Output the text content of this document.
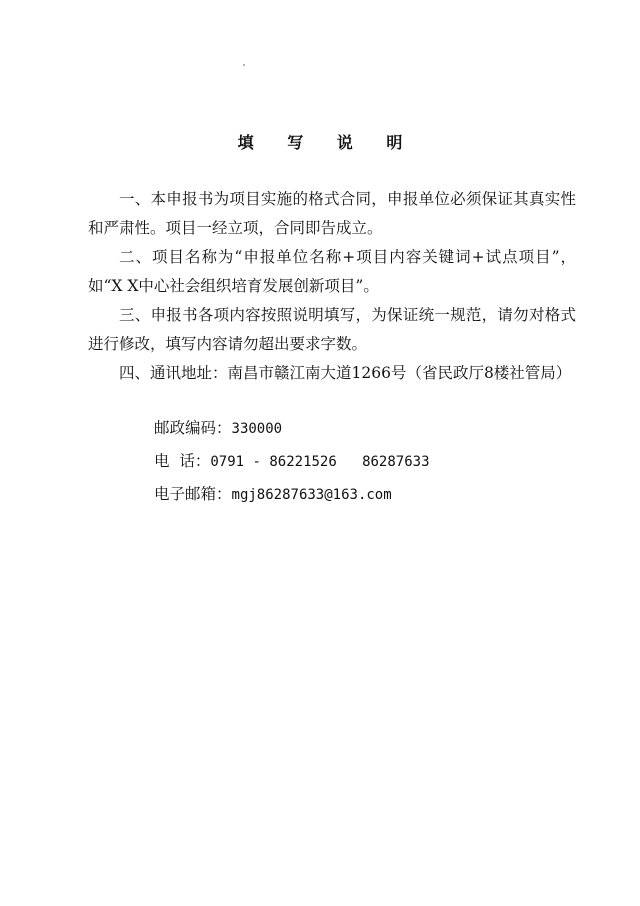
填 写 说 明

一、本申报书为项目实施的格式合同，申报单位必须保证其真实性和严肃性。项目一经立项，合同即告成立。

二、项目名称为“申报单位名称+项目内容关键词+试点项目”，如“X X中心社会组织培育发展创新项目”。

三、申报书各项内容按照说明填写，为保证统一规范，请勿对格式进行修改，填写内容请勿超出要求字数。

四、通讯地址：南昌市赣江南大道1266号（省民政厅8楼社管局）

邮政编码：330000

电  话：0791 - 86221526   86287633

电子邮箱：mgj86287633@163.com
